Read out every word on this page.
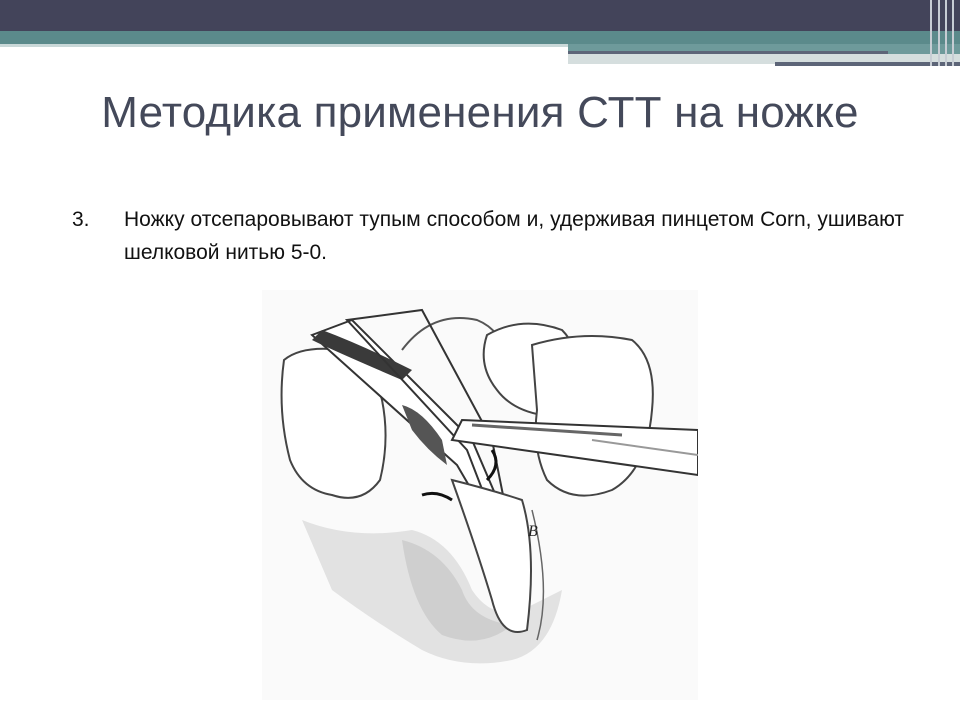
Методика применения СТТ на ножке
3. Ножку отсепаровывают тупым способом и, удерживая пинцетом Corn, ушивают шелковой нитью 5-0.
B
